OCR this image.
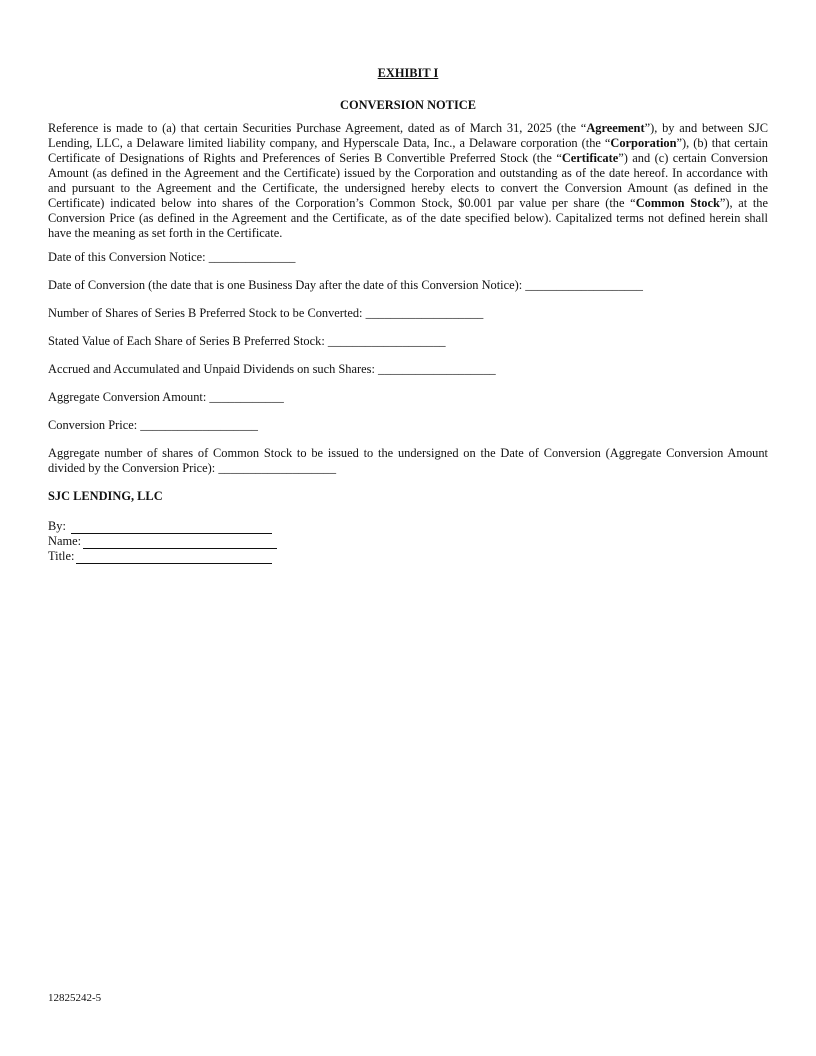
EXHIBIT I
CONVERSION NOTICE

Reference is made to (a) that certain Securities Purchase Agreement, dated as of March 31, 2025 (the “Agreement”), by and between SJC Lending, LLC, a Delaware limited liability company, and Hyperscale Data, Inc., a Delaware corporation (the “Corporation”), (b) that certain Certificate of Designations of Rights and Preferences of Series B Convertible Preferred Stock (the “Certificate”) and (c) certain Conversion Amount (as defined in the Agreement and the Certificate) issued by the Corporation and outstanding as of the date hereof. In accordance with and pursuant to the Agreement and the Certificate, the undersigned hereby elects to convert the Conversion Amount (as defined in the Certificate) indicated below into shares of the Corporation’s Common Stock, $0.001 par value per share (the “Common Stock”), at the Conversion Price (as defined in the Agreement and the Certificate, as of the date specified below). Capitalized terms not defined herein shall have the meaning as set forth in the Certificate.

Date of this Conversion Notice: ______________

Date of Conversion (the date that is one Business Day after the date of this Conversion Notice): ___________________

Number of Shares of Series B Preferred Stock to be Converted: ___________________

Stated Value of Each Share of Series B Preferred Stock: ___________________

Accrued and Accumulated and Unpaid Dividends on such Shares: ___________________

Aggregate Conversion Amount: ____________

Conversion Price: ___________________

Aggregate number of shares of Common Stock to be issued to the undersigned on the Date of Conversion (Aggregate Conversion Amount divided by the Conversion Price): ___________________

SJC LENDING, LLC
By:
Name:
Title:
12825242-5
